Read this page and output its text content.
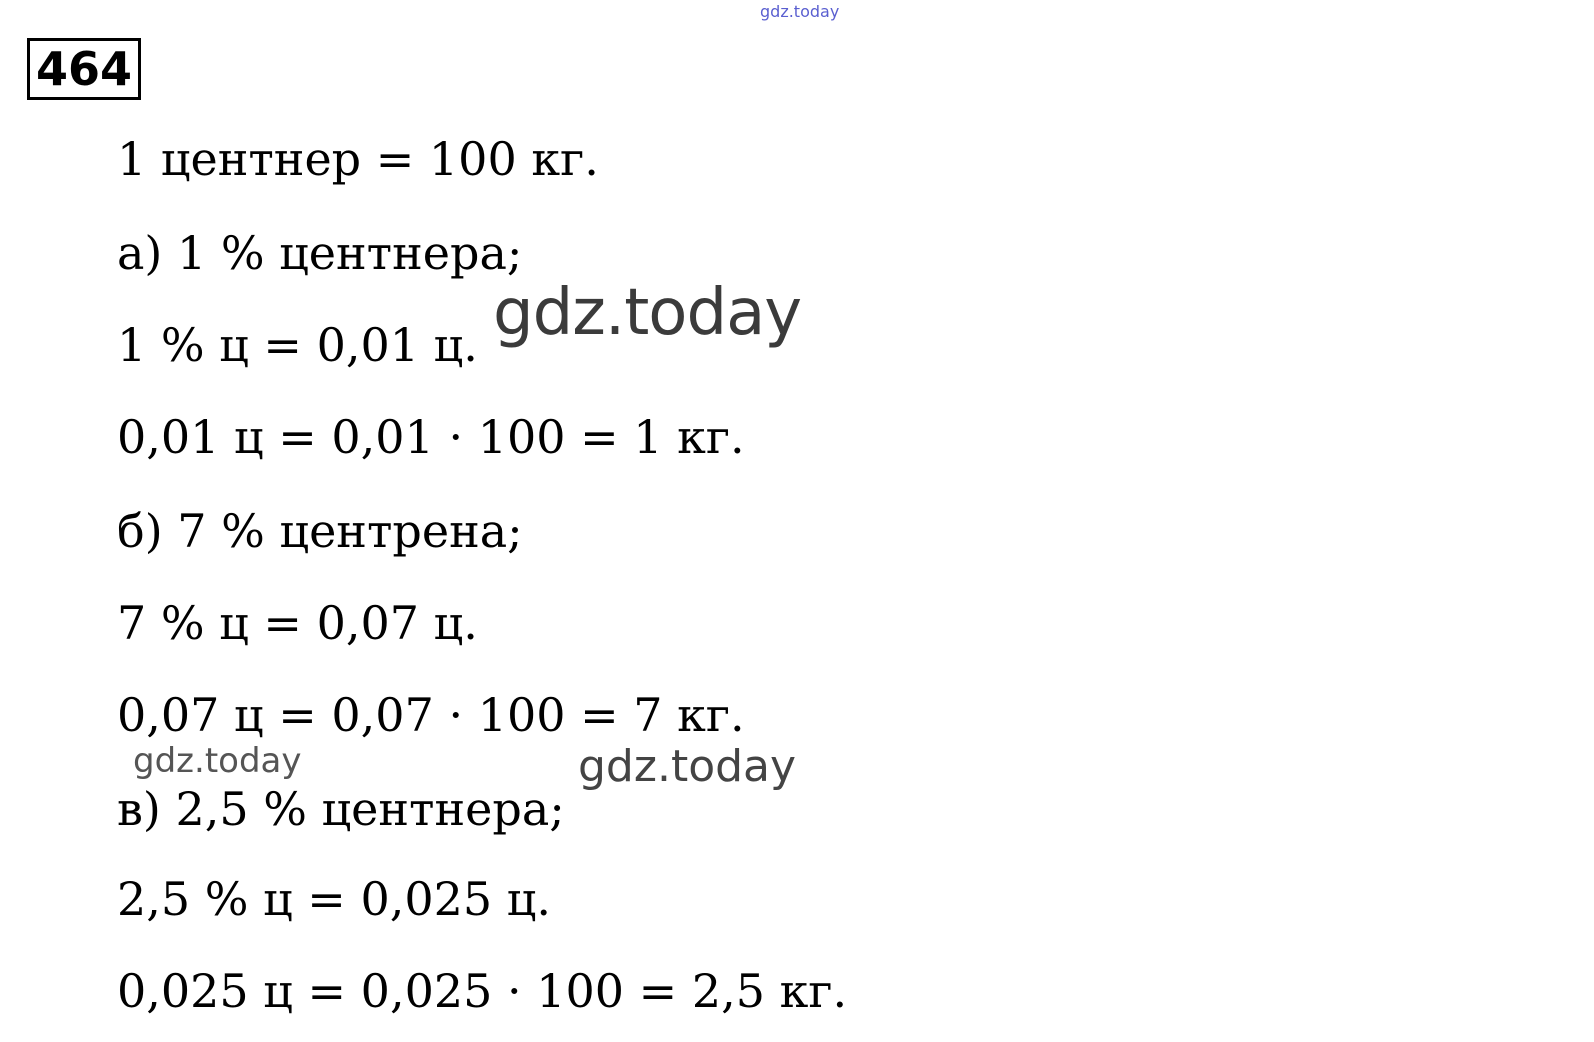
gdz.today
464
1 центнер = 100 кг.
а) 1 % центнера;
1 % ц = 0,01 ц.
0,01 ц = 0,01 · 100 = 1 кг.
б) 7 % центрена;
7 % ц = 0,07 ц.
0,07 ц = 0,07 · 100 = 7 кг.
в) 2,5 % центнера;
2,5 % ц = 0,025 ц.
0,025 ц = 0,025 · 100 = 2,5 кг.
gdz.today
gdz.today	gdz.today
